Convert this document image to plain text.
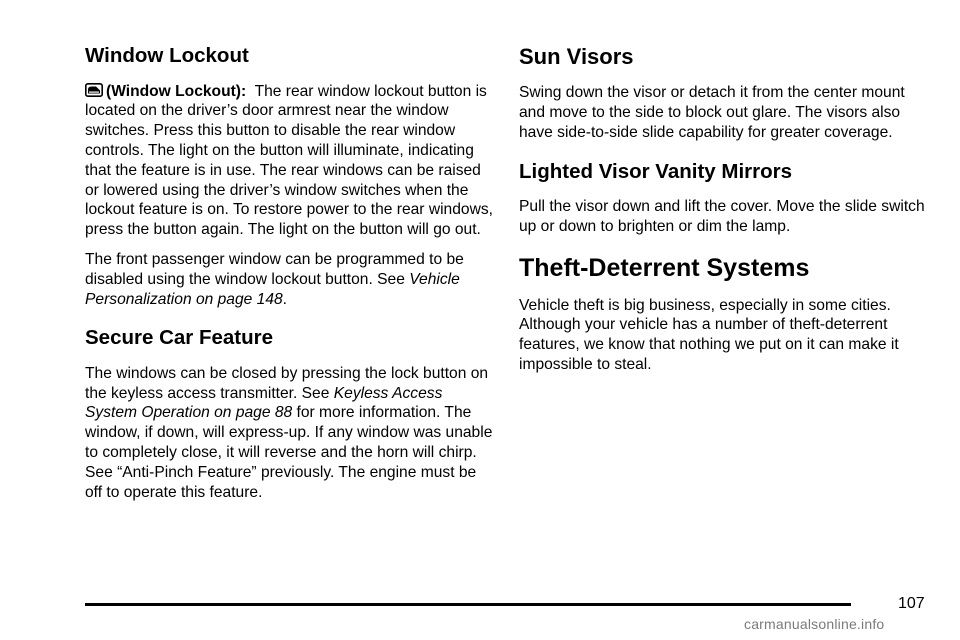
Window Lockout

(Window Lockout): The rear window lockout button is located on the driver’s door armrest near the window switches. Press this button to disable the rear window controls. The light on the button will illuminate, indicating that the feature is in use. The rear windows can be raised or lowered using the driver’s window switches when the lockout feature is on. To restore power to the rear windows, press the button again. The light on the button will go out.

The front passenger window can be programmed to be disabled using the window lockout button. See Vehicle Personalization on page 148.

Secure Car Feature

The windows can be closed by pressing the lock button on the keyless access transmitter. See Keyless Access System Operation on page 88 for more information. The window, if down, will express-up. If any window was unable to completely close, it will reverse and the horn will chirp. See “Anti-Pinch Feature” previously. The engine must be off to operate this feature.

Sun Visors

Swing down the visor or detach it from the center mount and move to the side to block out glare. The visors also have side-to-side slide capability for greater coverage.

Lighted Visor Vanity Mirrors

Pull the visor down and lift the cover. Move the slide switch up or down to brighten or dim the lamp.

Theft-Deterrent Systems

Vehicle theft is big business, especially in some cities. Although your vehicle has a number of theft-deterrent features, we know that nothing we put on it can make it impossible to steal.

107
carmanualsonline.info
